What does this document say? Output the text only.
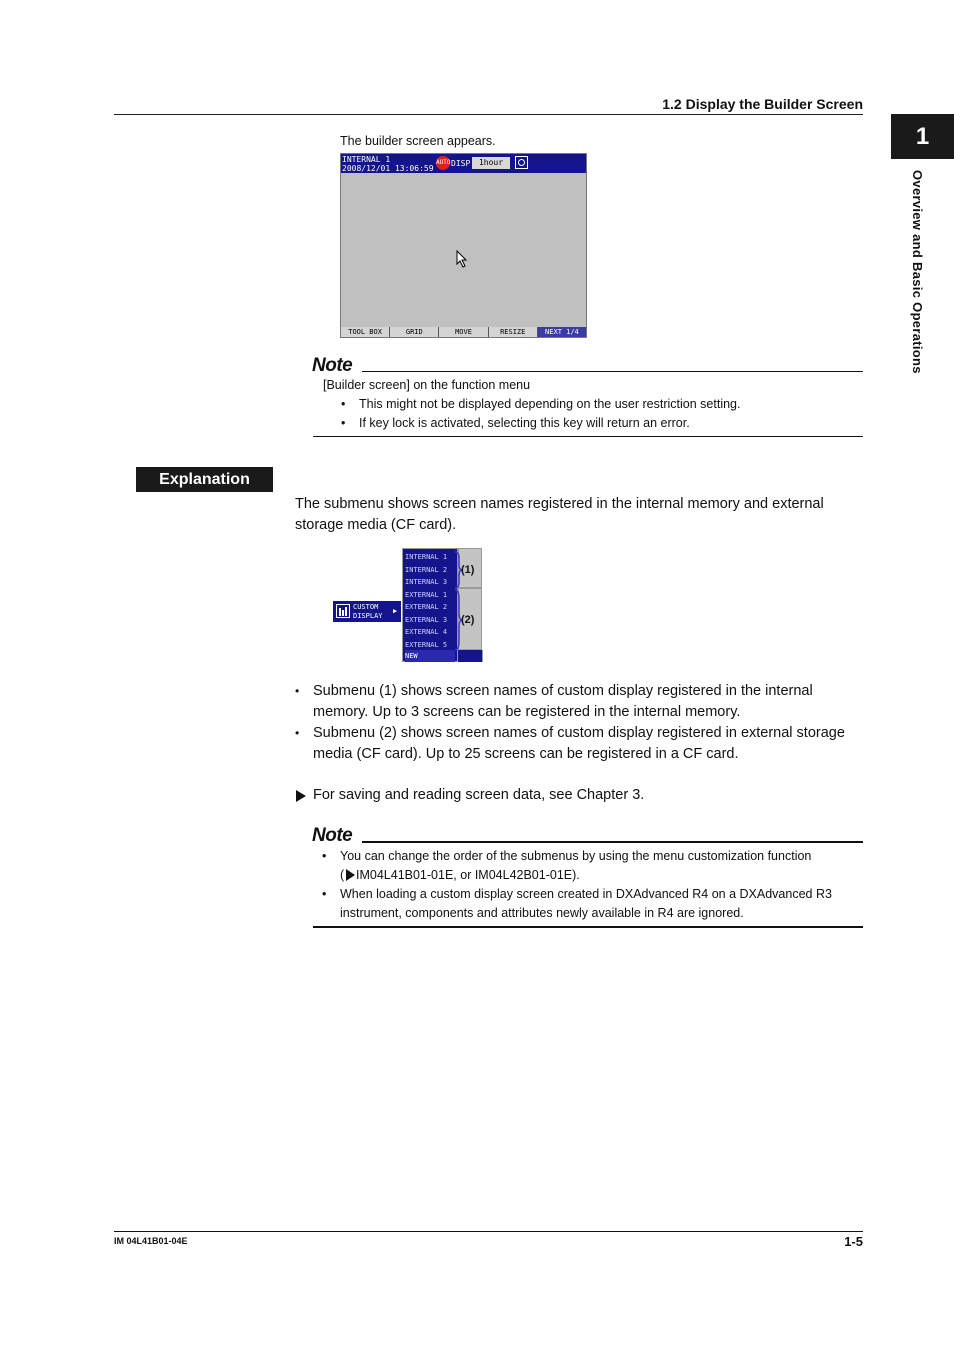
1.2 Display the Builder Screen
1
Overview and Basic Operations
The builder screen appears.
INTERNAL 1
2008/12/01 13:06:59
AUTO DISP	1hour
TOOL BOX	GRID	MOVE	RESIZE	NEXT 1/4
Note
[Builder screen] on the function menu
• This might not be displayed depending on the user restriction setting.
• If key lock is activated, selecting this key will return an error.
Explanation
The submenu shows screen names registered in the internal memory and external
storage media (CF card).
CUSTOM
DISPLAY
▶
INTERNAL 1
INTERNAL 2
INTERNAL 3
EXTERNAL 1
EXTERNAL 2
EXTERNAL 3
EXTERNAL 4
EXTERNAL 5
NEW
(1)
(2)
• Submenu (1) shows screen names of custom display registered in the internal
memory. Up to 3 screens can be registered in the internal memory.
• Submenu (2) shows screen names of custom display registered in external storage
media (CF card). Up to 25 screens can be registered in a CF card.
For saving and reading screen data, see Chapter 3.
Note
• You can change the order of the submenus by using the menu customization function
( IM04L41B01-01E, or IM04L42B01-01E).
• When loading a custom display screen created in DXAdvanced R4 on a DXAdvanced R3
instrument, components and attributes newly available in R4 are ignored.
IM 04L41B01-04E	1-5
